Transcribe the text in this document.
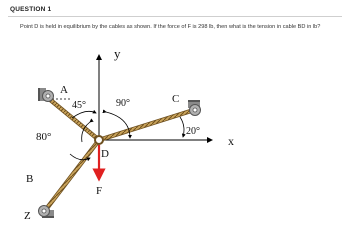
QUESTION 1
Point D is held in equilibrium by the cables as shown. If the force of F is 298 lb, then what is the tension in cable BD in lb?
y
x
A
45°	90°	C
20°
80°
D
B
F
Z
